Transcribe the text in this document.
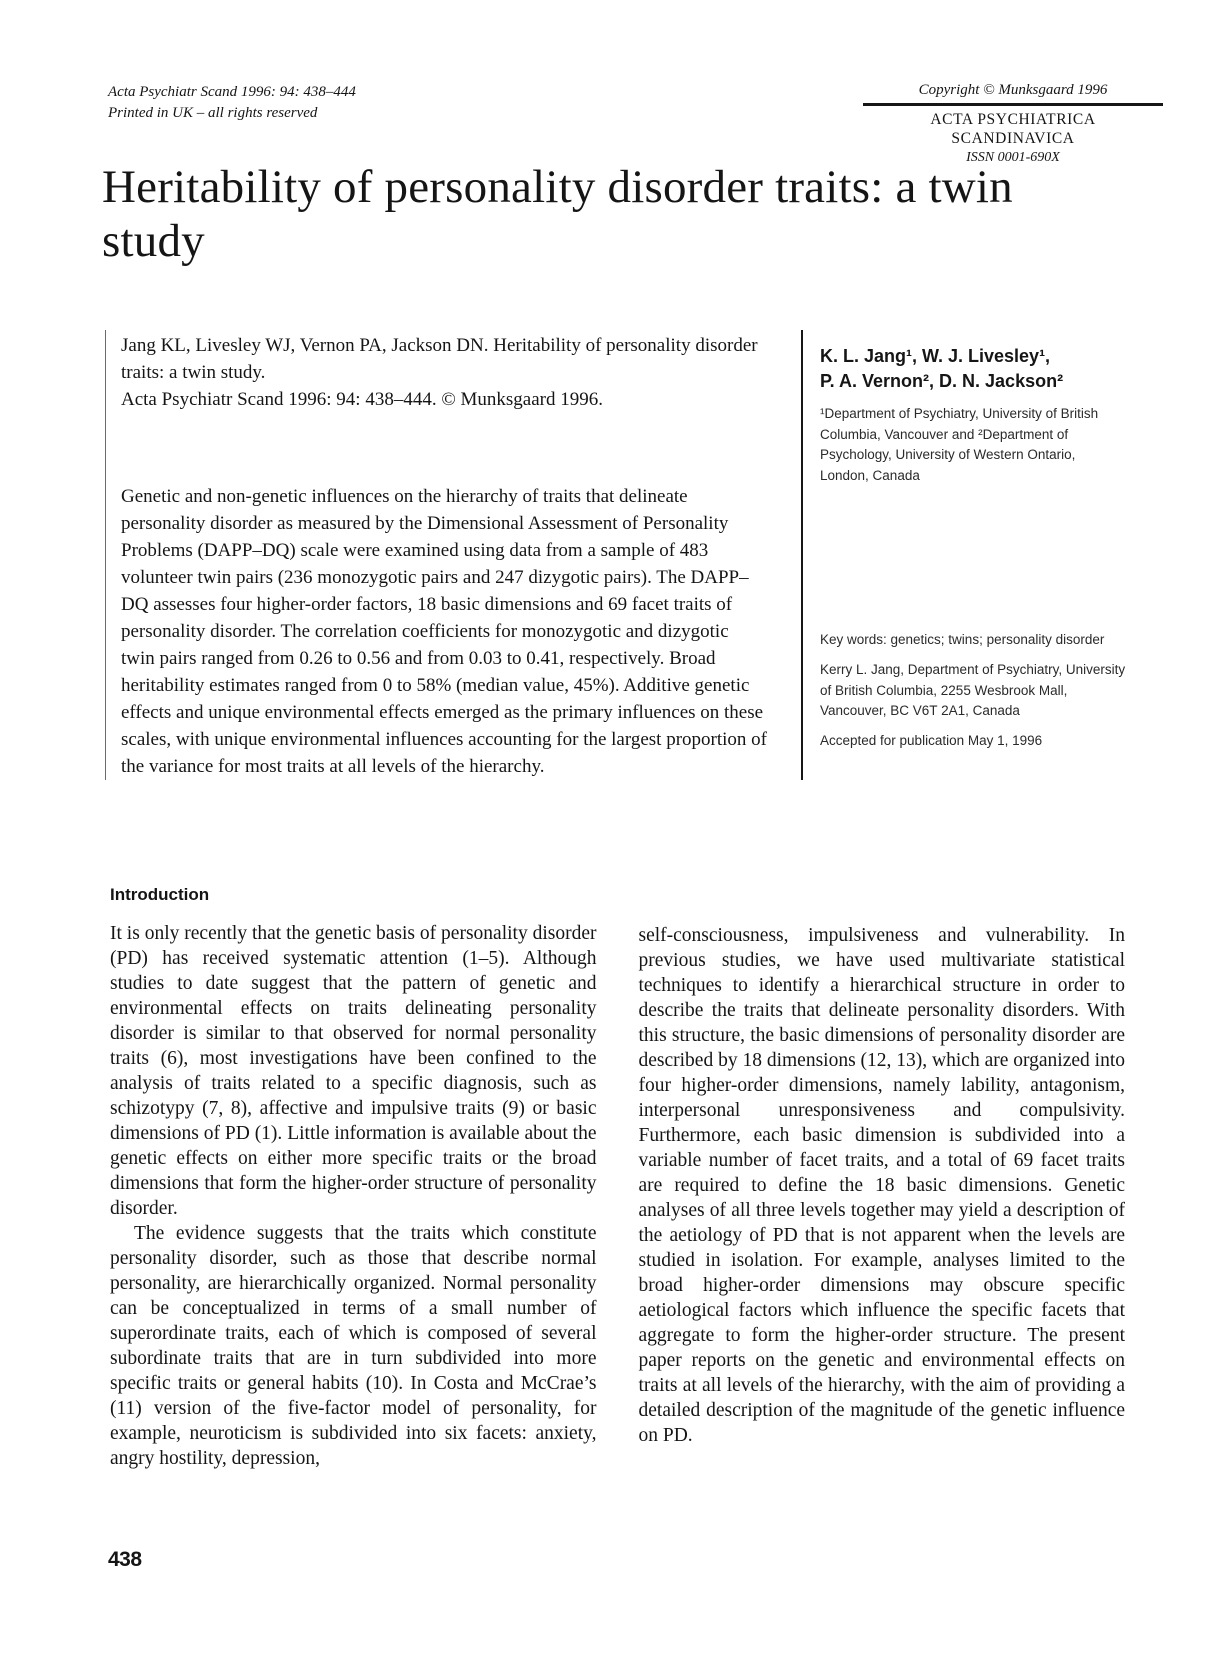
Acta Psychiatr Scand 1996: 94: 438–444
Printed in UK – all rights reserved
Copyright © Munksgaard 1996
ACTA PSYCHIATRICA
SCANDINAVICA
ISSN 0001-690X
Heritability of personality disorder traits: a twin study

Jang KL, Livesley WJ, Vernon PA, Jackson DN. Heritability of personality disorder traits: a twin study.

Acta Psychiatr Scand 1996: 94: 438–444. © Munksgaard 1996.

Genetic and non-genetic influences on the hierarchy of traits that delineate personality disorder as measured by the Dimensional Assessment of Personality Problems (DAPP–DQ) scale were examined using data from a sample of 483 volunteer twin pairs (236 monozygotic pairs and 247 dizygotic pairs). The DAPP–DQ assesses four higher-order factors, 18 basic dimensions and 69 facet traits of personality disorder. The correlation coefficients for monozygotic and dizygotic twin pairs ranged from 0.26 to 0.56 and from 0.03 to 0.41, respectively. Broad heritability estimates ranged from 0 to 58% (median value, 45%). Additive genetic effects and unique environmental effects emerged as the primary influences on these scales, with unique environmental influences accounting for the largest proportion of the variance for most traits at all levels of the hierarchy.

K. L. Jang¹, W. J. Livesley¹,
P. A. Vernon², D. N. Jackson²

¹Department of Psychiatry, University of British Columbia, Vancouver and ²Department of Psychology, University of Western Ontario, London, Canada

Key words: genetics; twins; personality disorder

Kerry L. Jang, Department of Psychiatry, University of British Columbia, 2255 Wesbrook Mall, Vancouver, BC V6T 2A1, Canada

Accepted for publication May 1, 1996

Introduction

It is only recently that the genetic basis of personality disorder (PD) has received systematic attention (1–5). Although studies to date suggest that the pattern of genetic and environmental effects on traits delineating personality disorder is similar to that observed for normal personality traits (6), most investigations have been confined to the analysis of traits related to a specific diagnosis, such as schizotypy (7, 8), affective and impulsive traits (9) or basic dimensions of PD (1). Little information is available about the genetic effects on either more specific traits or the broad dimensions that form the higher-order structure of personality disorder.

The evidence suggests that the traits which constitute personality disorder, such as those that describe normal personality, are hierarchically organized. Normal personality can be conceptualized in terms of a small number of superordinate traits, each of which is composed of several subordinate traits that are in turn subdivided into more specific traits or general habits (10). In Costa and McCrae’s (11) version of the five-factor model of personality, for example, neuroticism is subdivided into six facets: anxiety, angry hostility, depression,

self-consciousness, impulsiveness and vulnerability. In previous studies, we have used multivariate statistical techniques to identify a hierarchical structure in order to describe the traits that delineate personality disorders. With this structure, the basic dimensions of personality disorder are described by 18 dimensions (12, 13), which are organized into four higher-order dimensions, namely lability, antagonism, interpersonal unresponsiveness and compulsivity. Furthermore, each basic dimension is subdivided into a variable number of facet traits, and a total of 69 facet traits are required to define the 18 basic dimensions. Genetic analyses of all three levels together may yield a description of the aetiology of PD that is not apparent when the levels are studied in isolation. For example, analyses limited to the broad higher-order dimensions may obscure specific aetiological factors which influence the specific facets that aggregate to form the higher-order structure. The present paper reports on the genetic and environmental effects on traits at all levels of the hierarchy, with the aim of providing a detailed description of the magnitude of the genetic influence on PD.

438
